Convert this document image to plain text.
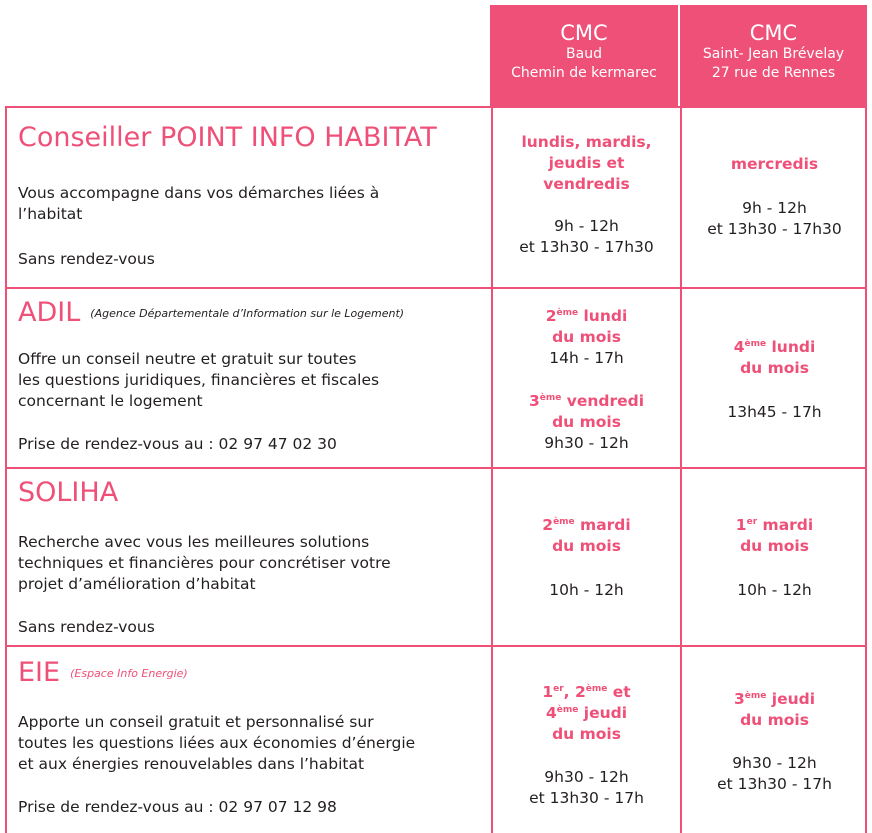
CMC
Baud
Chemin de kermarec
CMC
Saint- Jean Brévelay
27 rue de Rennes
Conseiller POINT INFO HABITAT
Vous accompagne dans vos démarches liées à
l’habitat
Sans rendez-vous
lundis, mardis,
jeudis et
vendredis
9h - 12h
et 13h30 - 17h30
mercredis
9h - 12h
et 13h30 - 17h30
ADIL (Agence Départementale d’Information sur le Logement)
Offre un conseil neutre et gratuit sur toutes
les questions juridiques, financières et fiscales
concernant le logement
Prise de rendez-vous au : 02 97 47 02 30
2ème lundi
du mois
14h - 17h
3ème vendredi
du mois
9h30 - 12h
4ème lundi
du mois
13h45 - 17h
SOLIHA
Recherche avec vous les meilleures solutions
techniques et financières pour concrétiser votre
projet d’amélioration d’habitat
Sans rendez-vous
2ème mardi
du mois
10h - 12h
1er mardi
du mois
10h - 12h
EIE (Espace Info Energie)
Apporte un conseil gratuit et personnalisé sur
toutes les questions liées aux économies d’énergie
et aux énergies renouvelables dans l’habitat
Prise de rendez-vous au : 02 97 07 12 98
1er, 2ème et
4ème jeudi
du mois
9h30 - 12h
et 13h30 - 17h
3ème jeudi
du mois
9h30 - 12h
et 13h30 - 17h
